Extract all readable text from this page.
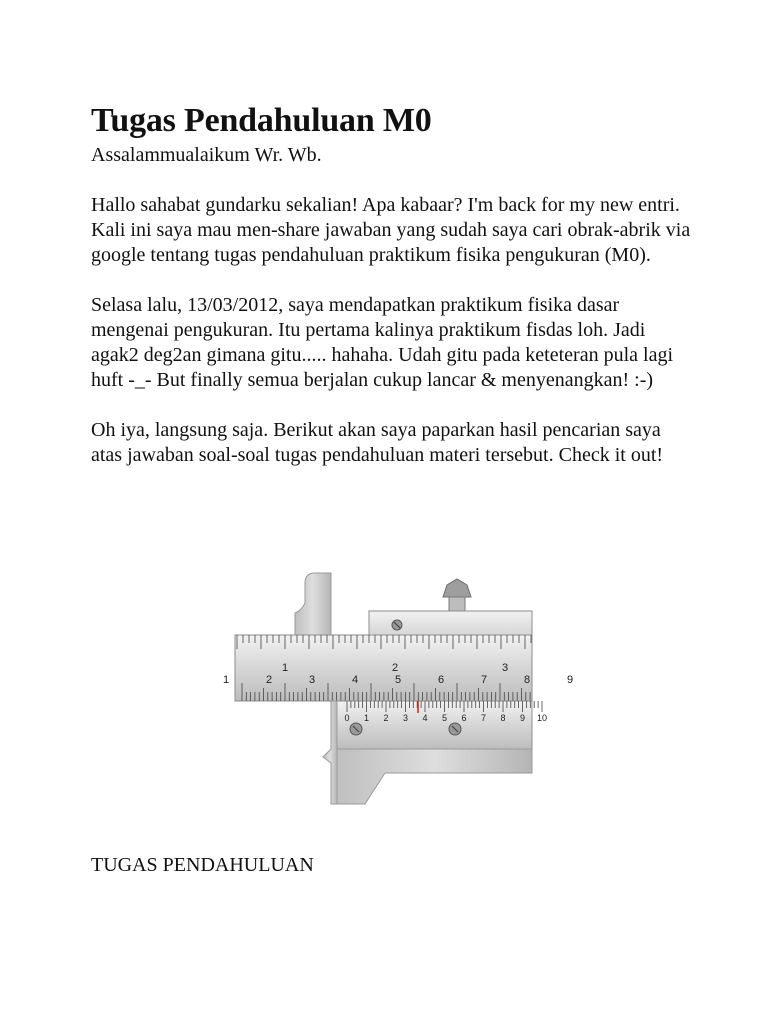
Tugas Pendahuluan M0

Assalammualaikum Wr. Wb.

Hallo sahabat gundarku sekalian! Apa kabaar? I'm back for my new entri. Kali ini saya mau men-share jawaban yang sudah saya cari obrak-abrik via google tentang tugas pendahuluan praktikum fisika pengukuran (M0).

Selasa lalu, 13/03/2012, saya mendapatkan praktikum fisika dasar mengenai pengukuran. Itu pertama kalinya praktikum fisdas loh. Jadi agak2 deg2an gimana gitu..... hahaha. Udah gitu pada keteteran pula lagi huft -_- But finally semua berjalan cukup lancar & menyenangkan! :-)

Oh iya, langsung saja. Berikut akan saya paparkan hasil pencarian saya atas jawaban soal-soal tugas pendahuluan materi tersebut. Check it out!

1	2	3	4	5	6	7	8	9
1	2	3
0 1 2 3 4 5 6 7 8 9 10

TUGAS PENDAHULUAN
